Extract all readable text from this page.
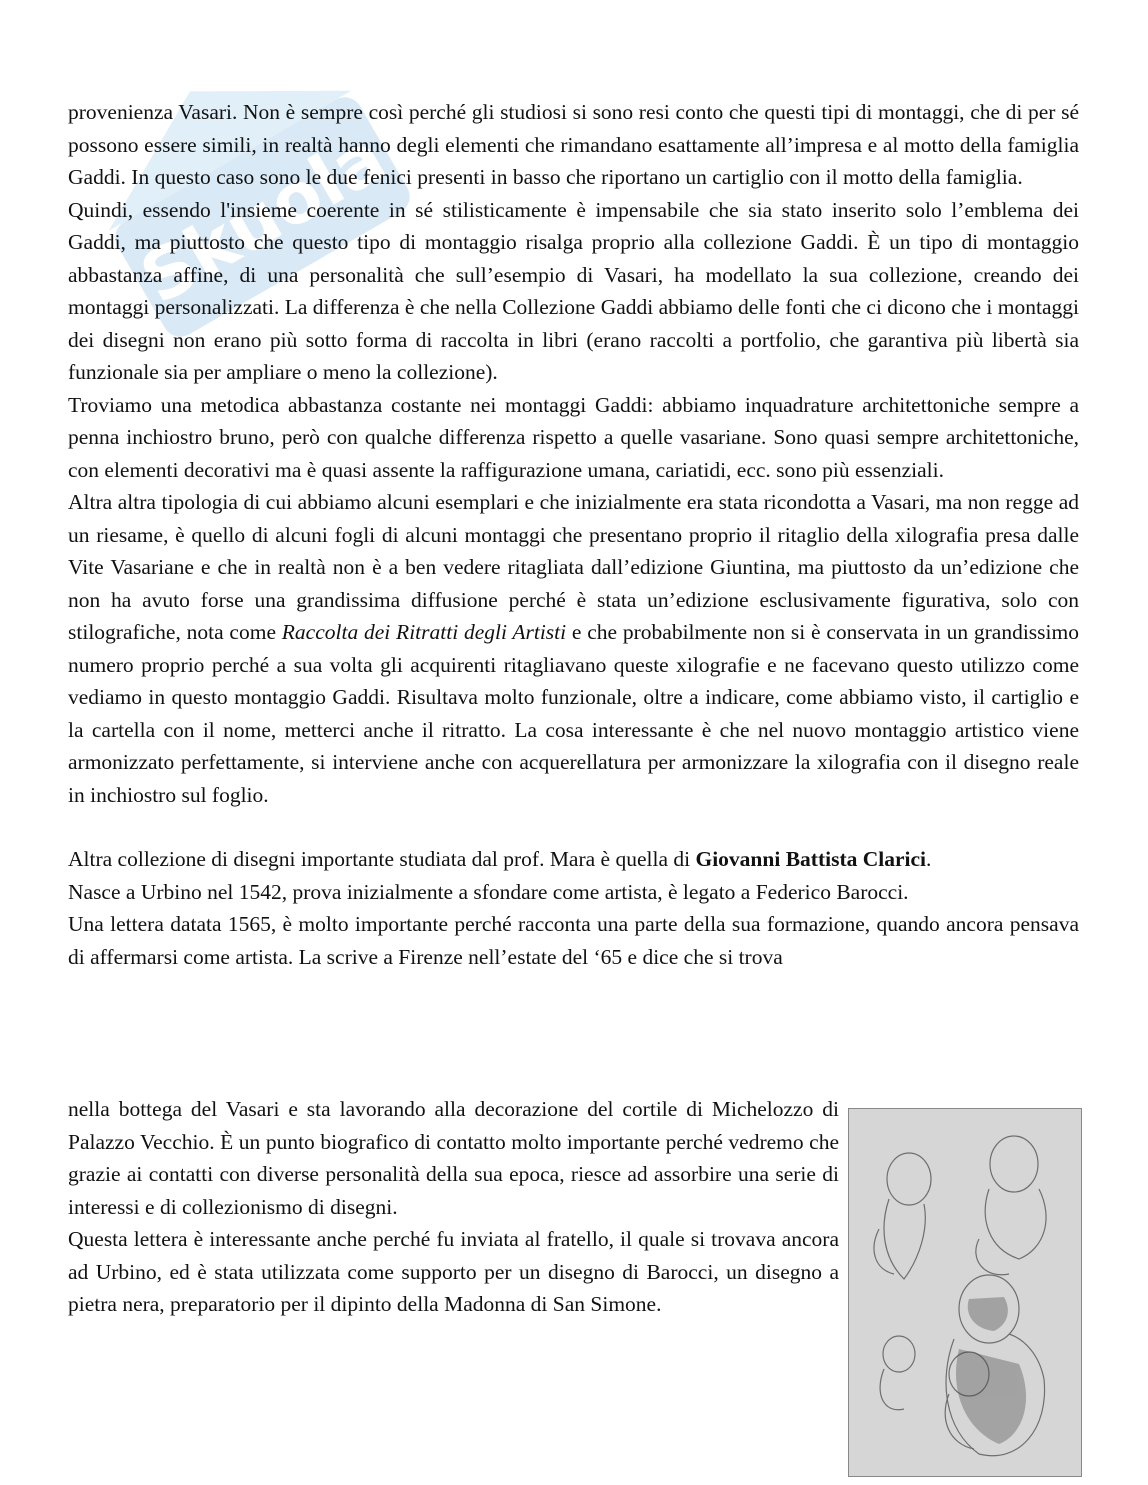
Skuola

provenienza Vasari. Non è sempre così perché gli studiosi si sono resi conto che questi tipi di montaggi, che di per sé possono essere simili, in realtà hanno degli elementi che rimandano esattamente all’impresa e al motto della famiglia Gaddi. In questo caso sono le due fenici presenti in basso che riportano un cartiglio con il motto della famiglia.

Quindi, essendo l'insieme coerente in sé stilisticamente è impensabile che sia stato inserito solo l’emblema dei Gaddi, ma piuttosto che questo tipo di montaggio risalga proprio alla collezione Gaddi. È un tipo di montaggio abbastanza affine, di una personalità che sull’esempio di Vasari, ha modellato la sua collezione, creando dei montaggi personalizzati. La differenza è che nella Collezione Gaddi abbiamo delle fonti che ci dicono che i montaggi dei disegni non erano più sotto forma di raccolta in libri (erano raccolti a portfolio, che garantiva più libertà sia funzionale sia per ampliare o meno la collezione).

Troviamo una metodica abbastanza costante nei montaggi Gaddi: abbiamo inquadrature architettoniche sempre a penna inchiostro bruno, però con qualche differenza rispetto a quelle vasariane. Sono quasi sempre architettoniche, con elementi decorativi ma è quasi assente la raffigurazione umana, cariatidi, ecc. sono più essenziali.

Altra altra tipologia di cui abbiamo alcuni esemplari e che inizialmente era stata ricondotta a Vasari, ma non regge ad un riesame, è quello di alcuni fogli di alcuni montaggi che presentano proprio il ritaglio della xilografia presa dalle Vite Vasariane e che in realtà non è a ben vedere ritagliata dall’edizione Giuntina, ma piuttosto da un’edizione che non ha avuto forse una grandissima diffusione perché è stata un’edizione esclusivamente figurativa, solo con stilografiche, nota come Raccolta dei Ritratti degli Artisti e che probabilmente non si è conservata in un grandissimo numero proprio perché a sua volta gli acquirenti ritagliavano queste xilografie e ne facevano questo utilizzo come vediamo in questo montaggio Gaddi. Risultava molto funzionale, oltre a indicare, come abbiamo visto, il cartiglio e la cartella con il nome, metterci anche il ritratto. La cosa interessante è che nel nuovo montaggio artistico viene armonizzato perfettamente, si interviene anche con acquerellatura per armonizzare la xilografia con il disegno reale in inchiostro sul foglio.

Altra collezione di disegni importante studiata dal prof. Mara è quella di Giovanni Battista Clarici.

Nasce a Urbino nel 1542, prova inizialmente a sfondare come artista, è legato a Federico Barocci.

Una lettera datata 1565, è molto importante perché racconta una parte della sua formazione, quando ancora pensava di affermarsi come artista. La scrive a Firenze nell’estate del ‘65 e dice che si trova

nella bottega del Vasari e sta lavorando alla decorazione del cortile di Michelozzo di Palazzo Vecchio. È un punto biografico di contatto molto importante perché vedremo che grazie ai contatti con diverse personalità della sua epoca, riesce ad assorbire una serie di interessi e di collezionismo di disegni.

Questa lettera è interessante anche perché fu inviata al fratello, il quale si trovava ancora ad Urbino, ed è stata utilizzata come supporto per un disegno di Barocci, un disegno a pietra nera, preparatorio per il dipinto della Madonna di San Simone.
